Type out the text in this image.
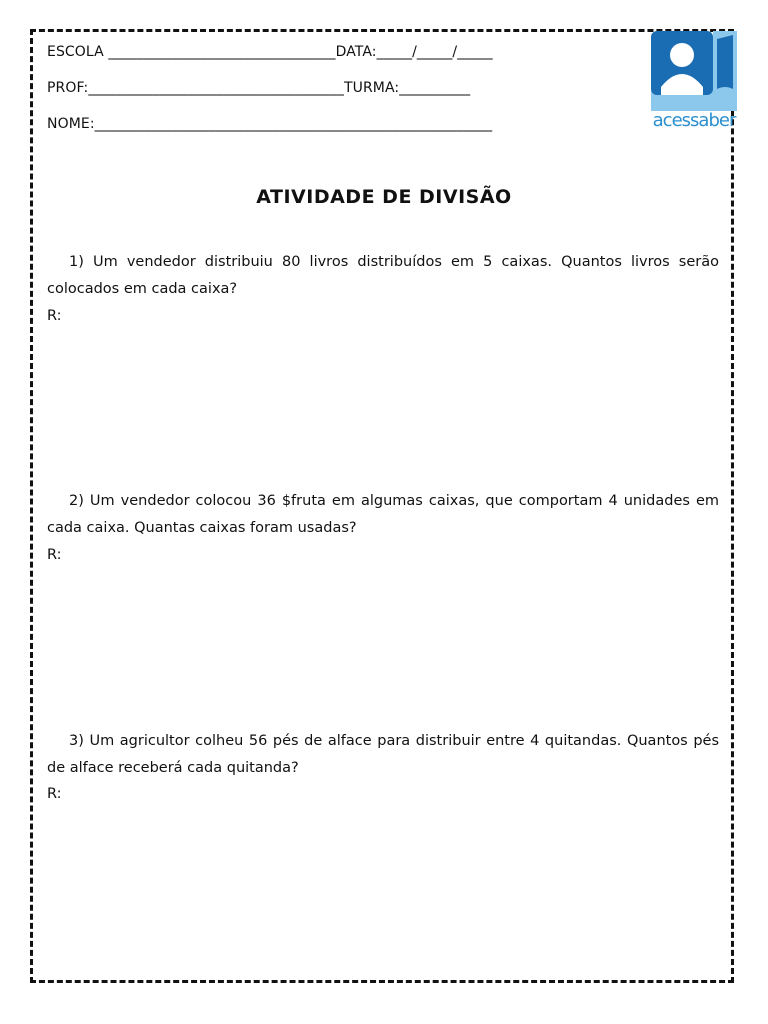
ESCOLA ________________________________DATA:_____/_____/_____
PROF:____________________________________TURMA:__________
NOME:________________________________________________________	acessaber
ATIVIDADE DE DIVISÃO
1) Um vendedor distribuiu 80 livros distribuídos em 5 caixas. Quantos livros serão colocados em cada caixa?
R:
2) Um vendedor colocou 36 $fruta em algumas caixas, que comportam 4 unidades em cada caixa. Quantas caixas foram usadas?
R:
3) Um agricultor colheu 56 pés de alface para distribuir entre 4 quitandas. Quantos pés de alface receberá cada quitanda?
R:
